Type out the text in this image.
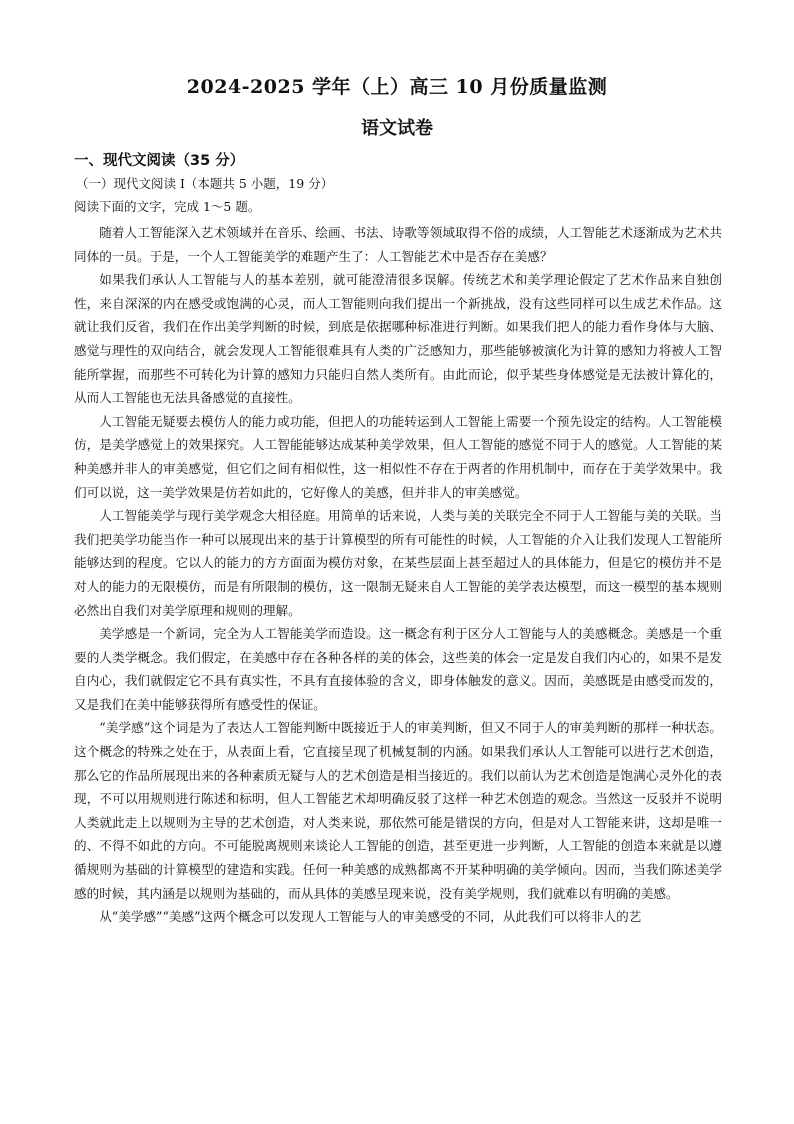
2024-2025 学年（上）高三 10 月份质量监测
语文试卷
一、现代文阅读（35 分）
（一）现代文阅读 I（本题共 5 小题，19 分）
阅读下面的文字，完成 1～5 题。

随着人工智能深入艺术领域并在音乐、绘画、书法、诗歌等领域取得不俗的成绩，人工智能艺术逐渐成为艺术共同体的一员。于是，一个人工智能美学的难题产生了：人工智能艺术中是否存在美感？

如果我们承认人工智能与人的基本差别，就可能澄清很多误解。传统艺术和美学理论假定了艺术作品来自独创性，来自深深的内在感受或饱满的心灵，而人工智能则向我们提出一个新挑战，没有这些同样可以生成艺术作品。这就让我们反省，我们在作出美学判断的时候，到底是依据哪种标准进行判断。如果我们把人的能力看作身体与大脑、感觉与理性的双向结合，就会发现人工智能很难具有人类的广泛感知力，那些能够被演化为计算的感知力将被人工智能所掌握，而那些不可转化为计算的感知力只能归自然人类所有。由此而论，似乎某些身体感觉是无法被计算化的，从而人工智能也无法具备感觉的直接性。

人工智能无疑要去模仿人的能力或功能，但把人的功能转运到人工智能上需要一个预先设定的结构。人工智能模仿，是美学感觉上的效果探究。人工智能能够达成某种美学效果，但人工智能的感觉不同于人的感觉。人工智能的某种美感并非人的审美感觉，但它们之间有相似性，这一相似性不存在于两者的作用机制中，而存在于美学效果中。我们可以说，这一美学效果是仿若如此的，它好像人的美感，但并非人的审美感觉。

人工智能美学与现行美学观念大相径庭。用简单的话来说，人类与美的关联完全不同于人工智能与美的关联。当我们把美学功能当作一种可以展现出来的基于计算模型的所有可能性的时候，人工智能的介入让我们发现人工智能所能够达到的程度。它以人的能力的方方面面为模仿对象，在某些层面上甚至超过人的具体能力，但是它的模仿并不是对人的能力的无限模仿，而是有所限制的模仿，这一限制无疑来自人工智能的美学表达模型，而这一模型的基本规则必然出自我们对美学原理和规则的理解。

美学感是一个新词，完全为人工智能美学而造设。这一概念有利于区分人工智能与人的美感概念。美感是一个重要的人类学概念。我们假定，在美感中存在各种各样的美的体会，这些美的体会一定是发自我们内心的，如果不是发自内心，我们就假定它不具有真实性，不具有直接体验的含义，即身体触发的意义。因而，美感既是由感受而发的，又是我们在美中能够获得所有感受性的保证。

“美学感”这个词是为了表达人工智能判断中既接近于人的审美判断，但又不同于人的审美判断的那样一种状态。这个概念的特殊之处在于，从表面上看，它直接呈现了机械复制的内涵。如果我们承认人工智能可以进行艺术创造，那么它的作品所展现出来的各种素质无疑与人的艺术创造是相当接近的。我们以前认为艺术创造是饱满心灵外化的表现，不可以用规则进行陈述和标明，但人工智能艺术却明确反驳了这样一种艺术创造的观念。当然这一反驳并不说明人类就此走上以规则为主导的艺术创造，对人类来说，那依然可能是错误的方向，但是对人工智能来讲，这却是唯一的、不得不如此的方向。不可能脱离规则来谈论人工智能的创造，甚至更进一步判断，人工智能的创造本来就是以遵循规则为基础的计算模型的建造和实践。任何一种美感的成熟都离不开某种明确的美学倾向。因而，当我们陈述美学感的时候，其内涵是以规则为基础的，而从具体的美感呈现来说，没有美学规则，我们就难以有明确的美感。

从“美学感”“美感”这两个概念可以发现人工智能与人的审美感受的不同，从此我们可以将非人的艺
